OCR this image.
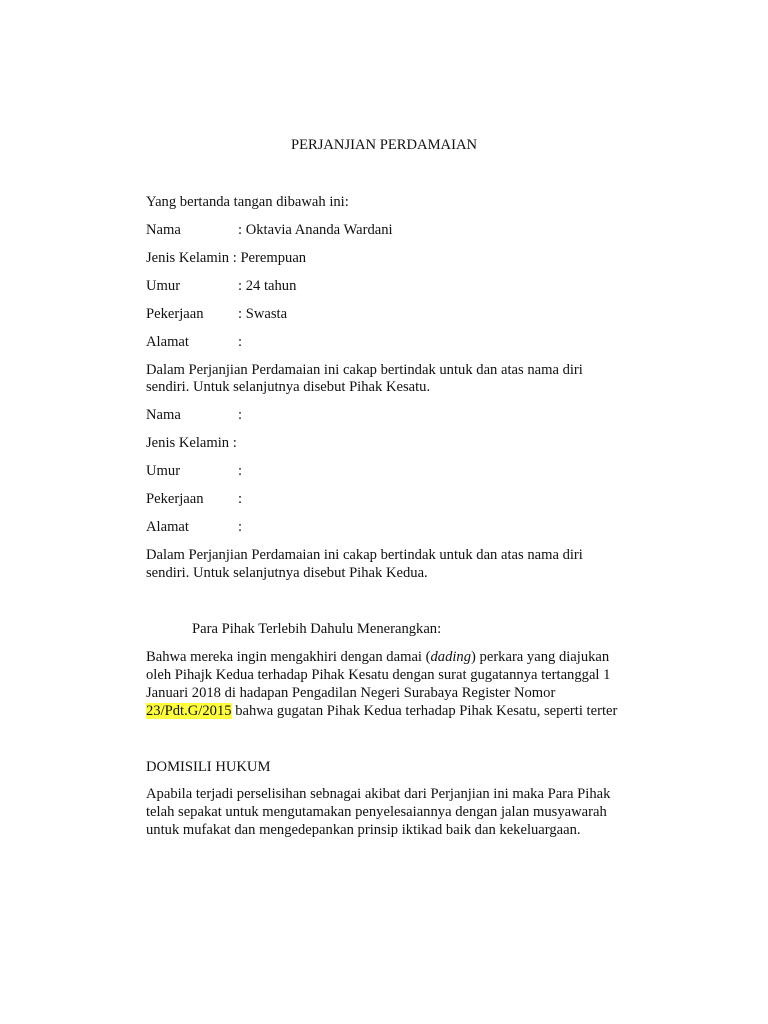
PERJANJIAN PERDAMAIAN
Yang bertanda tangan dibawah ini:
Nama	: Oktavia Ananda Wardani
Jenis Kelamin : Perempuan
Umur	: 24 tahun
Pekerjaan : Swasta
Alamat	:
Dalam Perjanjian Perdamaian ini cakap bertindak untuk dan atas nama diri
sendiri. Untuk selanjutnya disebut Pihak Kesatu.
Nama	:
Jenis Kelamin :
Umur	:
Pekerjaan :
Alamat	:
Dalam Perjanjian Perdamaian ini cakap bertindak untuk dan atas nama diri
sendiri. Untuk selanjutnya disebut Pihak Kedua.
Para Pihak Terlebih Dahulu Menerangkan:
Bahwa mereka ingin mengakhiri dengan damai (dading) perkara yang diajukan
oleh Pihajk Kedua terhadap Pihak Kesatu dengan surat gugatannya tertanggal 1
Januari 2018 di hadapan Pengadilan Negeri Surabaya Register Nomor
23/Pdt.G/2015 bahwa gugatan Pihak Kedua terhadap Pihak Kesatu, seperti terter
DOMISILI HUKUM
Apabila terjadi perselisihan sebnagai akibat dari Perjanjian ini maka Para Pihak
telah sepakat untuk mengutamakan penyelesaiannya dengan jalan musyawarah
untuk mufakat dan mengedepankan prinsip iktikad baik dan kekeluargaan.
